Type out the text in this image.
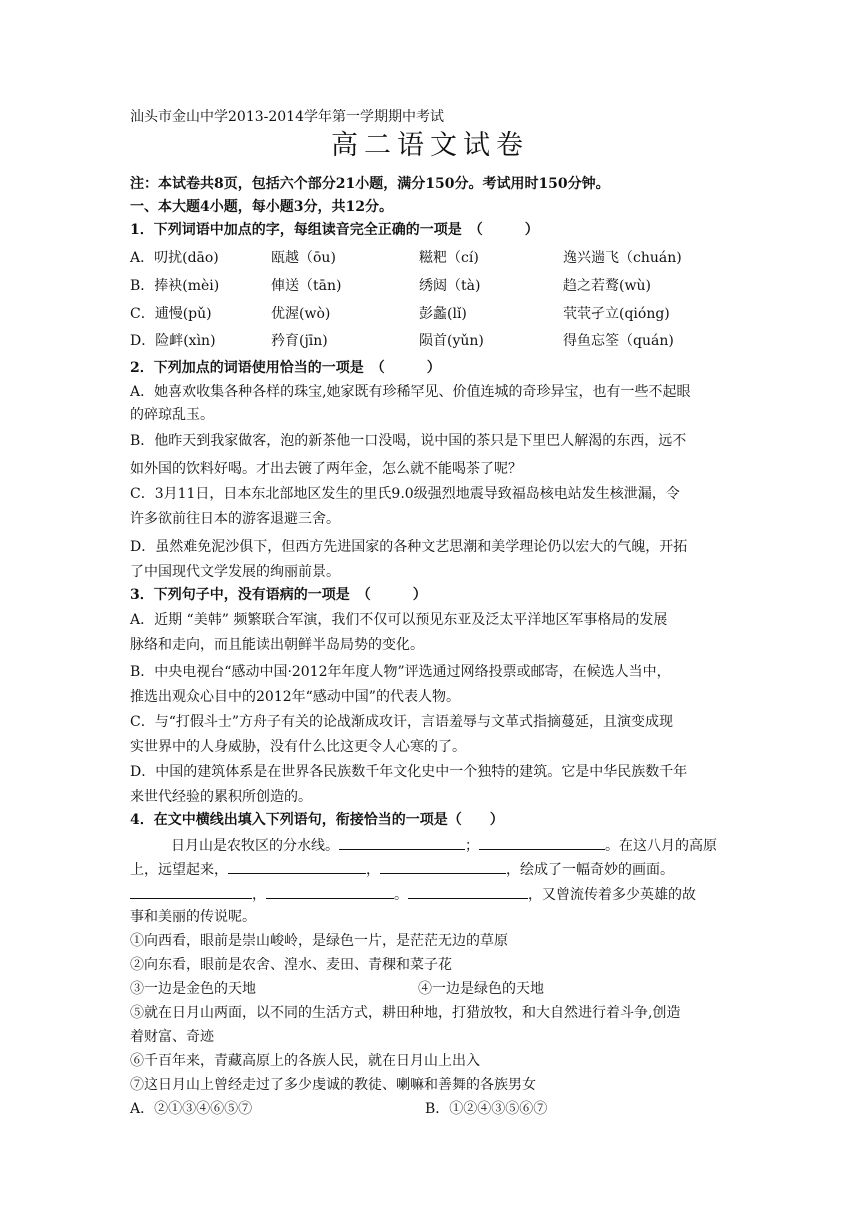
汕头市金山中学2013-2014学年第一学期期中考试
高二语文试卷
注：本试卷共8页，包括六个部分21小题，满分150分。考试用时150分钟。
一、本大题4小题，每小题3分，共12分。
1．下列词语中加点的字，每组读音完全正确的一项是　（　　　）
A．叨扰(dāo)	瓯越（ōu)	糍粑（cí)	逸兴遄飞（chuán)
B．捧袂(mèi)	俥送（tān)	绣闼（tà)	趋之若鹜(wù)
C．逋慢(pǔ)	优渥(wò)	彭蠡(lǐ)	茕茕孑立(qióng)
D．险衅(xìn)	矜育(jīn)	陨首(yǔn)	得鱼忘筌（quán)
2．下列加点的词语使用恰当的一项是　（　　　）
A．她喜欢收集各种各样的珠宝,她家既有珍稀罕见、价值连城的奇珍异宝，也有一些不起眼
的碎琼乱玉。
B．他昨天到我家做客，泡的新茶他一口没喝，说中国的茶只是下里巴人解渴的东西，远不
如外国的饮料好喝。才出去镀了两年金，怎么就不能喝茶了呢？
C．3月11日，日本东北部地区发生的里氏9.0级强烈地震导致福岛核电站发生核泄漏，令
许多欲前往日本的游客退避三舍。
D．虽然难免泥沙俱下，但西方先进国家的各种文艺思潮和美学理论仍以宏大的气魄，开拓
了中国现代文学发展的绚丽前景。
3．下列句子中，没有语病的一项是　（　　　）
A．近期 “美韩” 频繁联合军演，我们不仅可以预见东亚及泛太平洋地区军事格局的发展
脉络和走向，而且能读出朝鲜半岛局势的变化。
B．中央电视台“感动中国·2012年年度人物”评选通过网络投票或邮寄，在候选人当中，
推选出观众心目中的2012年“感动中国”的代表人物。
C．与“打假斗士”方舟子有关的论战渐成攻讦，言语羞辱与文革式指摘蔓延，且演变成现
实世界中的人身威胁，没有什么比这更令人心寒的了。
D．中国的建筑体系是在世界各民族数千年文化史中一个独特的建筑。它是中华民族数千年
来世代经验的累积所创造的。
4．在文中横线出填入下列语句，衔接恰当的一项是（　　）
日月山是农牧区的分水线。	；	。在这八月的高原
上，远望起来，	，	，绘成了一幅奇妙的画面。
，	。	，又曾流传着多少英雄的故
事和美丽的传说呢。
①向西看，眼前是崇山峻岭，是绿色一片，是茫茫无边的草原
②向东看，眼前是农舍、湟水、麦田、青稞和菜子花
③一边是金色的天地	④一边是绿色的天地
⑤就在日月山两面，以不同的生活方式，耕田种地，打猎放牧，和大自然进行着斗争,创造
着财富、奇迹
⑥千百年来，青藏高原上的各族人民，就在日月山上出入
⑦这日月山上曾经走过了多少虔诚的教徒、喇嘛和善舞的各族男女
A．②①③④⑥⑤⑦	B．①②④③⑤⑥⑦
